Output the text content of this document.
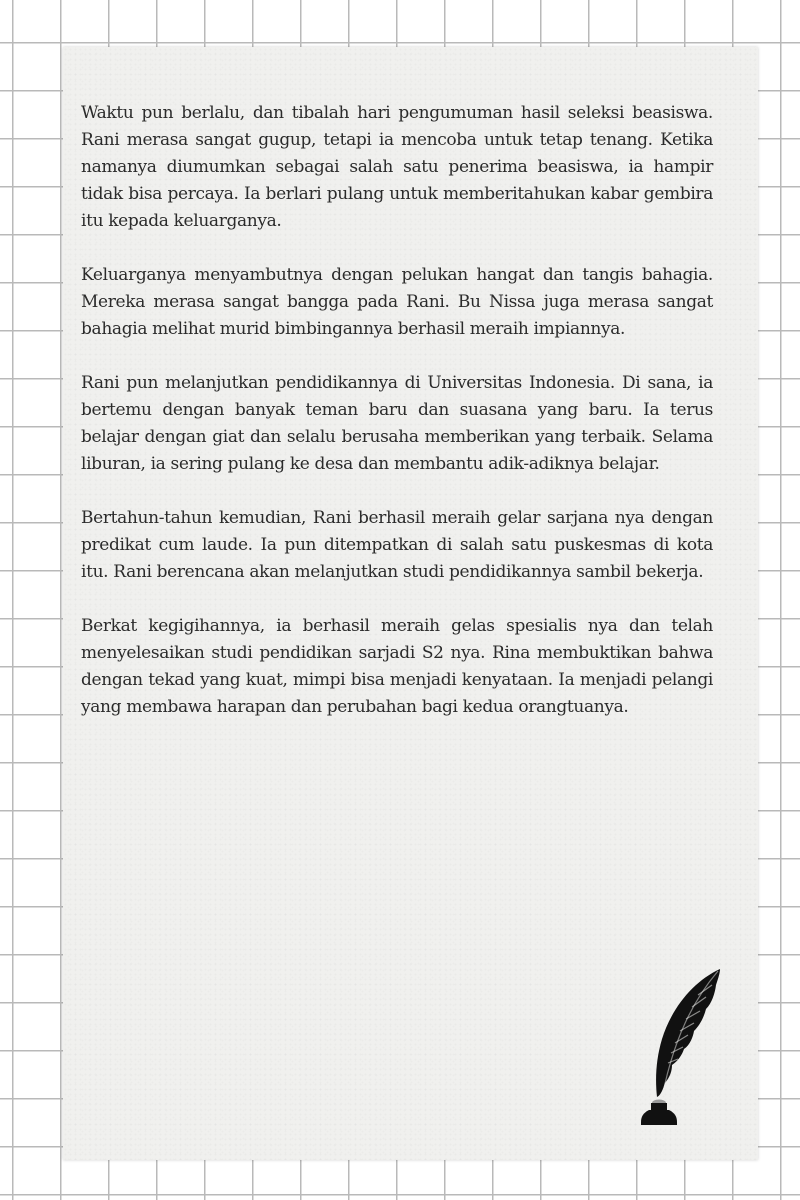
Waktu pun berlalu, dan tibalah hari pengumuman hasil seleksi beasiswa. Rani merasa sangat gugup, tetapi ia mencoba untuk tetap tenang. Ketika namanya diumumkan sebagai salah satu penerima beasiswa, ia hampir tidak bisa percaya. Ia berlari pulang untuk memberitahukan kabar gembira itu kepada keluarganya.

Keluarganya menyambutnya dengan pelukan hangat dan tangis bahagia. Mereka merasa sangat bangga pada Rani. Bu Nissa juga merasa sangat bahagia melihat murid bimbingannya berhasil meraih impiannya.

Rani pun melanjutkan pendidikannya di Universitas Indonesia. Di sana, ia bertemu dengan banyak teman baru dan suasana yang baru. Ia terus belajar dengan giat dan selalu berusaha memberikan yang terbaik. Selama liburan, ia sering pulang ke desa dan membantu adik-adiknya belajar.

Bertahun-tahun kemudian, Rani berhasil meraih gelar sarjana nya dengan predikat cum laude. Ia pun ditempatkan di salah satu puskesmas di kota itu. Rani berencana akan melanjutkan studi pendidikannya sambil bekerja.

Berkat kegigihannya, ia berhasil meraih gelas spesialis nya dan telah menyelesaikan studi pendidikan sarjadi S2 nya. Rina membuktikan bahwa dengan tekad yang kuat, mimpi bisa menjadi kenyataan. Ia menjadi pelangi yang membawa harapan dan perubahan bagi kedua orangtuanya.
